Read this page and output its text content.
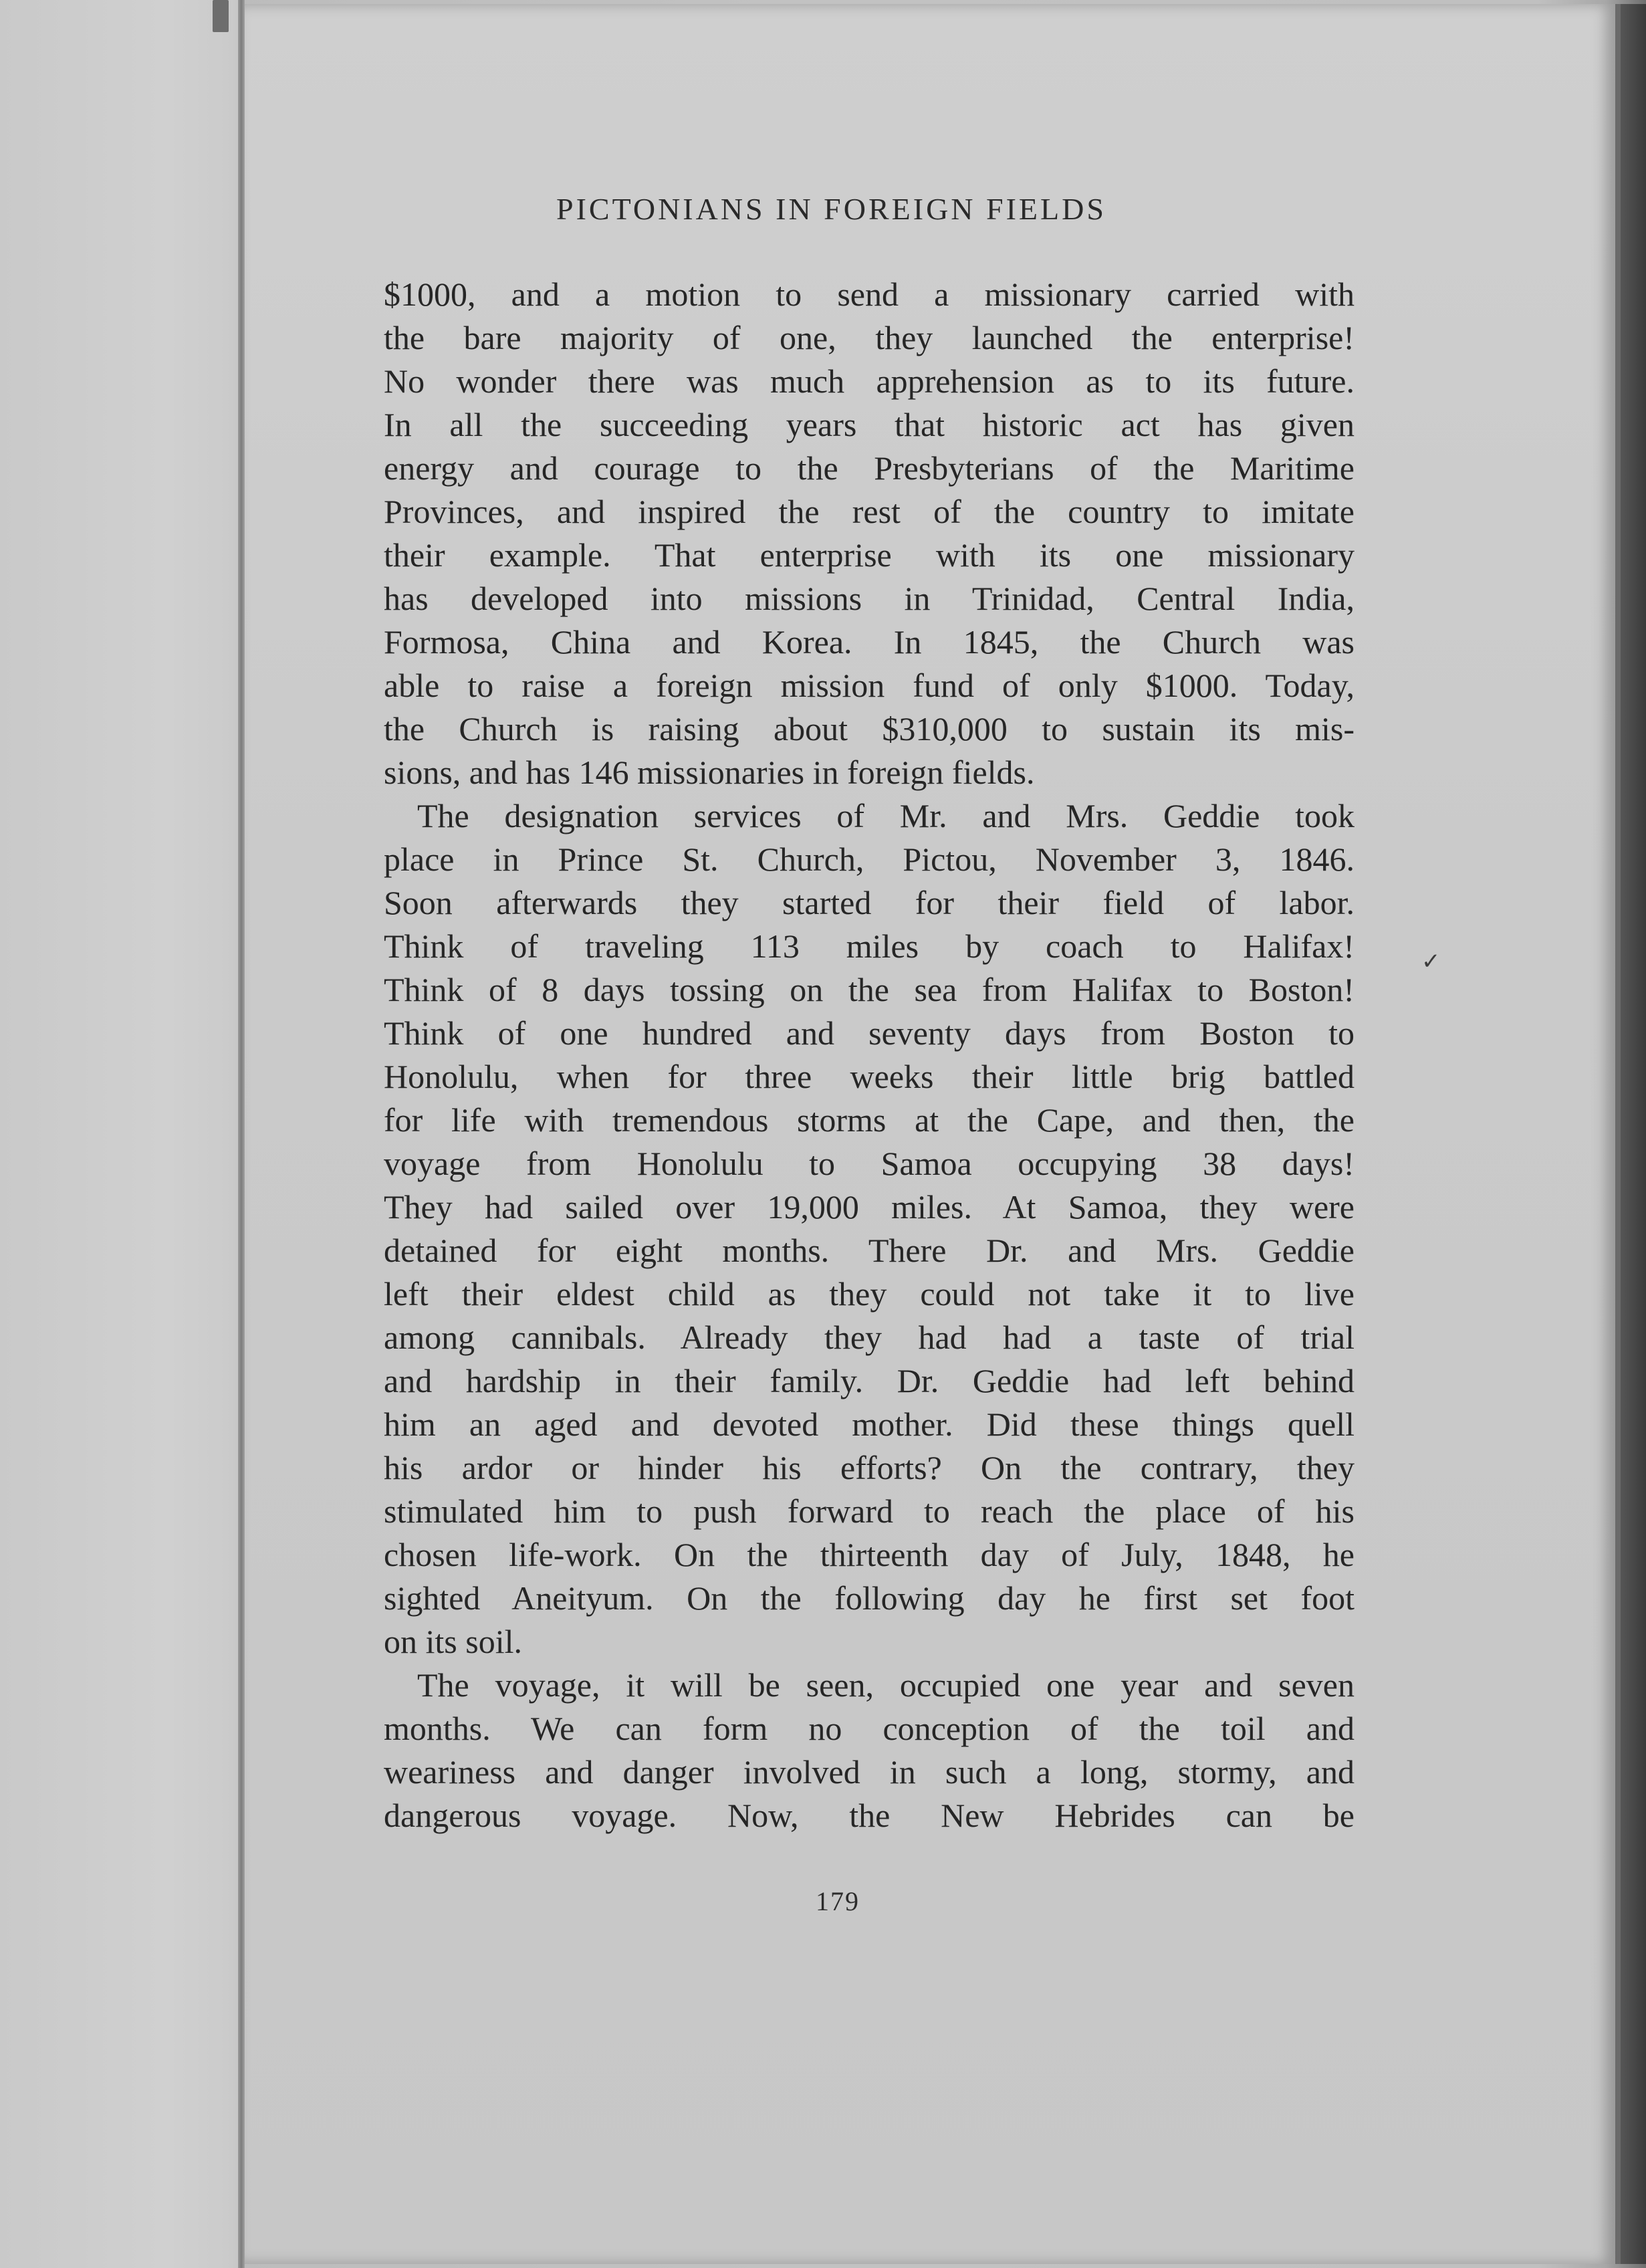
PICTONIANS IN FOREIGN FIELDS
$1000, and a motion to send a missionary carried with
the bare majority of one, they launched the enterprise!
No wonder there was much apprehension as to its future.
In all the succeeding years that historic act has given
energy and courage to the Presbyterians of the Maritime
Provinces, and inspired the rest of the country to imitate
their example. That enterprise with its one missionary
has developed into missions in Trinidad, Central India,
Formosa, China and Korea. In 1845, the Church was
able to raise a foreign mission fund of only $1000. Today,
the Church is raising about $310,000 to sustain its mis-
sions, and has 146 missionaries in foreign fields.
The designation services of Mr. and Mrs. Geddie took
place in Prince St. Church, Pictou, November 3, 1846.
Soon afterwards they started for their field of labor.
Think of traveling 113 miles by coach to Halifax!
Think of 8 days tossing on the sea from Halifax to Boston!
Think of one hundred and seventy days from Boston to
Honolulu, when for three weeks their little brig battled
for life with tremendous storms at the Cape, and then, the
voyage from Honolulu to Samoa occupying 38 days!
They had sailed over 19,000 miles. At Samoa, they were
detained for eight months. There Dr. and Mrs. Geddie
left their eldest child as they could not take it to live
among cannibals. Already they had had a taste of trial
and hardship in their family. Dr. Geddie had left behind
him an aged and devoted mother. Did these things quell
his ardor or hinder his efforts? On the contrary, they
stimulated him to push forward to reach the place of his
chosen life-work. On the thirteenth day of July, 1848, he
sighted Aneityum. On the following day he first set foot
on its soil.
The voyage, it will be seen, occupied one year and seven
months. We can form no conception of the toil and
weariness and danger involved in such a long, stormy, and
dangerous voyage. Now, the New Hebrides can be
✓
179
